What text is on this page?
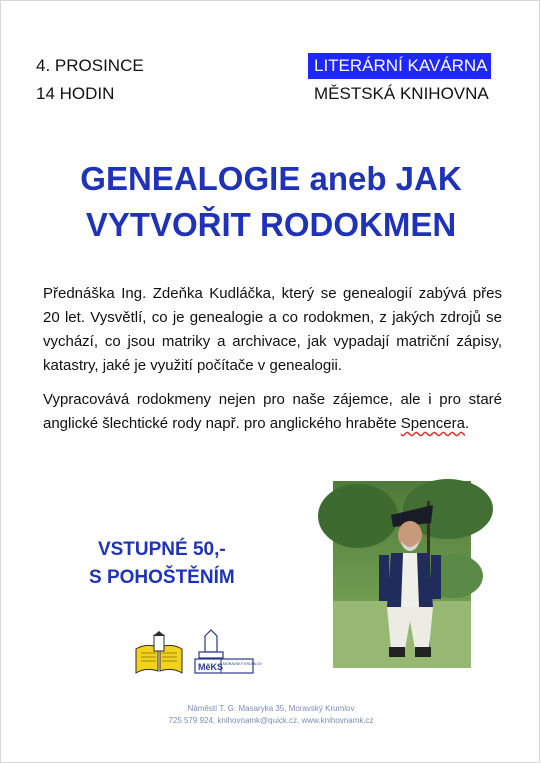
4. PROSINCE
14 HODIN
LITERÁRNÍ KAVÁRNA
MĚSTSKÁ KNIHOVNA
GENEALOGIE aneb JAK
VYTVOŘIT RODOKMEN

Přednáška Ing. Zdeňka Kudláčka, který se genealogií zabývá přes 20 let. Vysvětlí, co je genealogie a co rodokmen, z jakých zdrojů se vychází, co jsou matriky a archivace, jak vypadají matriční zápisy, katastry, jaké je využití počítače v genealogii.

Vypracovává rodokmeny nejen pro naše zájemce, ale i pro staré anglické šlechtické rody např. pro anglického hraběte Spencera.

VSTUPNÉ 50,-
S POHOŠTĚNÍM
MěKS MORAVSKÝ KRUMLOV
Náměstí T. G. Masaryka 35, Moravský Krumlov
725 579 924, knihovnamk@quick.cz, www.knihovnamk.cz
